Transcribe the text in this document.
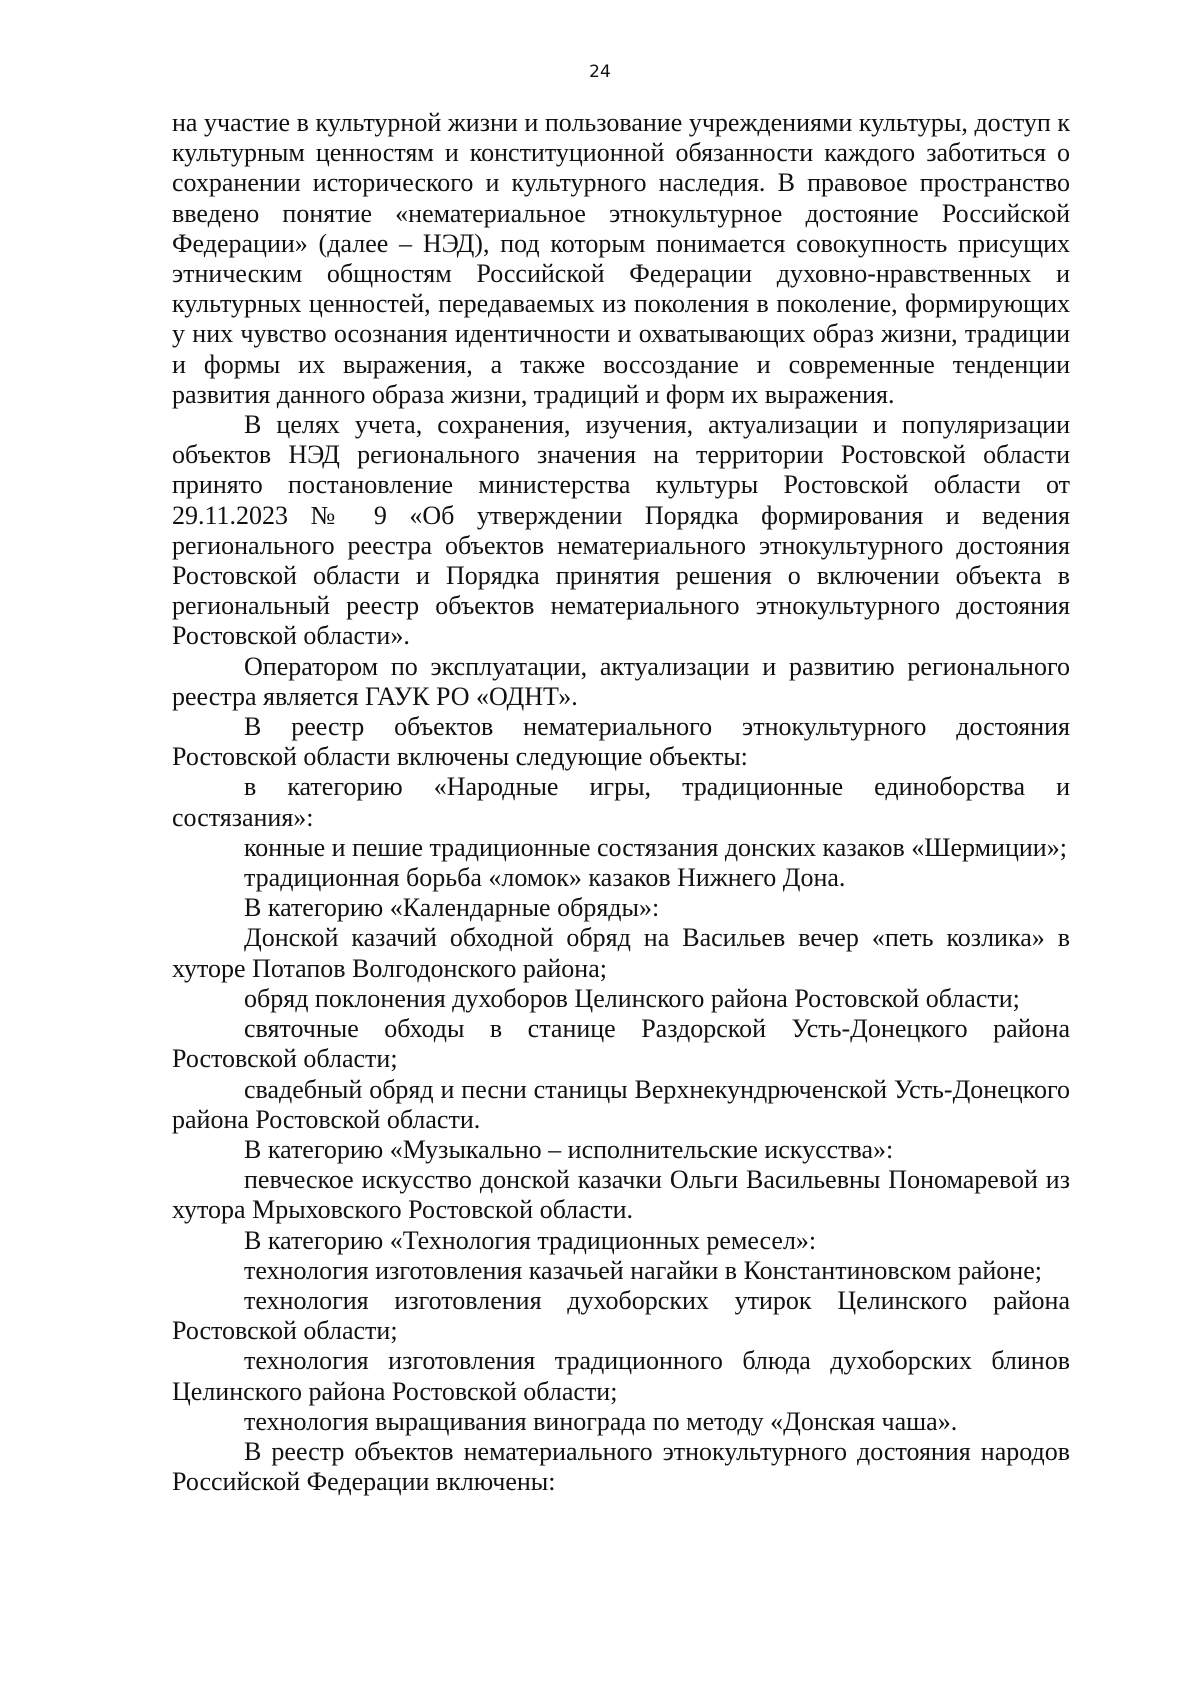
24

на участие в культурной жизни и пользование учреждениями культуры, доступ к культурным ценностям и конституционной обязанности каждого заботиться о сохранении исторического и культурного наследия. В правовое пространство введено понятие «нематериальное этнокультурное достояние Российской Федерации» (далее – НЭД), под которым понимается совокупность присущих этническим общностям Российской Федерации духовно-нравственных и культурных ценностей, передаваемых из поколения в поколение, формирующих у них чувство осознания идентичности и охватывающих образ жизни, традиции и формы их выражения, а также воссоздание и современные тенденции развития данного образа жизни, традиций и форм их выражения.

В целях учета, сохранения, изучения, актуализации и популяризации объектов НЭД регионального значения на территории Ростовской области принято постановление министерства культуры Ростовской области от 29.11.2023 № 9 «Об утверждении Порядка формирования и ведения регионального реестра объектов нематериального этнокультурного достояния Ростовской области и Порядка принятия решения о включении объекта в региональный реестр объектов нематериального этнокультурного достояния Ростовской области».

Оператором по эксплуатации, актуализации и развитию регионального реестра является ГАУК РО «ОДНТ».

В реестр объектов нематериального этнокультурного достояния Ростовской области включены следующие объекты:

в категорию «Народные игры, традиционные единоборства и состязания»:

конные и пешие традиционные состязания донских казаков «Шермиции»;

традиционная борьба «ломок» казаков Нижнего Дона.

В категорию «Календарные обряды»:

Донской казачий обходной обряд на Васильев вечер «петь козлика» в хуторе Потапов Волгодонского района;

обряд поклонения духоборов Целинского района Ростовской области;

святочные обходы в станице Раздорской Усть-Донецкого района Ростовской области;

свадебный обряд и песни станицы Верхнекундрюченской Усть-Донецкого района Ростовской области.

В категорию «Музыкально – исполнительские искусства»:

певческое искусство донской казачки Ольги Васильевны Пономаревой из хутора Мрыховского Ростовской области.

В категорию «Технология традиционных ремесел»:

технология изготовления казачьей нагайки в Константиновском районе;

технология изготовления духоборских утирок Целинского района Ростовской области;

технология изготовления традиционного блюда духоборских блинов Целинского района Ростовской области;

технология выращивания винограда по методу «Донская чаша».

В реестр объектов нематериального этнокультурного достояния народов Российской Федерации включены:
